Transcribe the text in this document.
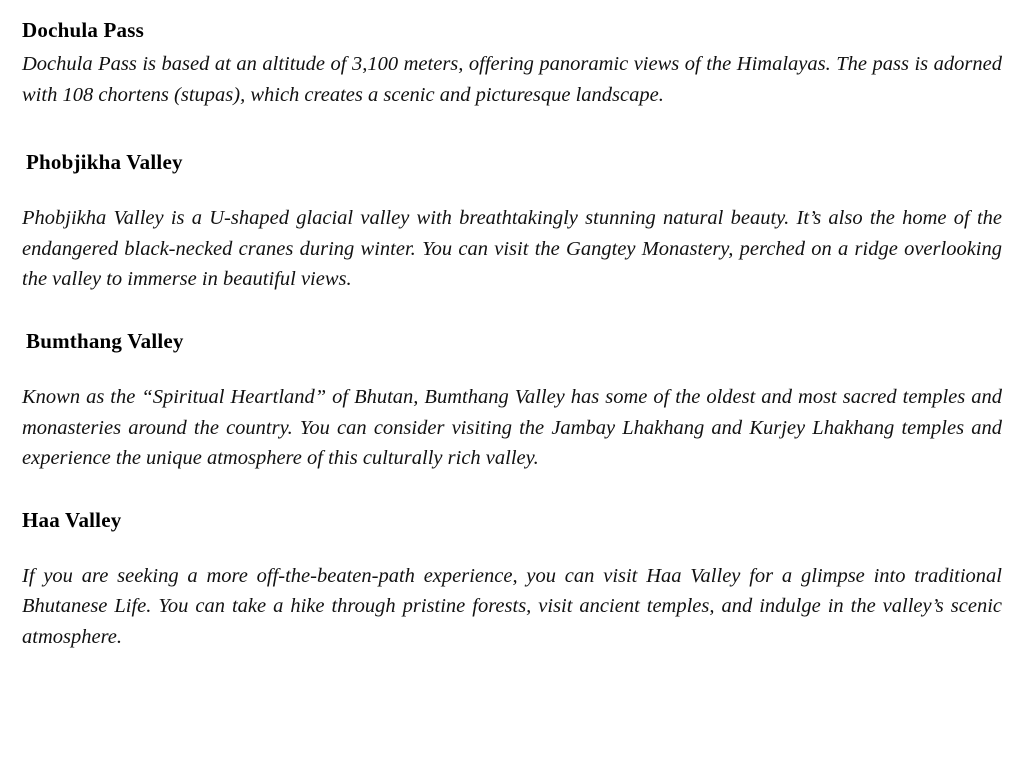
Dochula Pass

Dochula Pass is based at an altitude of 3,100 meters, offering panoramic views of the Himalayas. The pass is adorned with 108 chortens (stupas), which creates a scenic and picturesque landscape.

Phobjikha Valley

Phobjikha Valley is a U-shaped glacial valley with breathtakingly stunning natural beauty. It’s also the home of the endangered black-necked cranes during winter. You can visit the Gangtey Monastery, perched on a ridge overlooking the valley to immerse in beautiful views.

Bumthang Valley

Known as the “Spiritual Heartland” of Bhutan, Bumthang Valley has some of the oldest and most sacred temples and monasteries around the country. You can consider visiting the Jambay Lhakhang and Kurjey Lhakhang temples and experience the unique atmosphere of this culturally rich valley.

Haa Valley

If you are seeking a more off-the-beaten-path experience, you can visit Haa Valley for a glimpse into traditional Bhutanese Life. You can take a hike through pristine forests, visit ancient temples, and indulge in the valley’s scenic atmosphere.
